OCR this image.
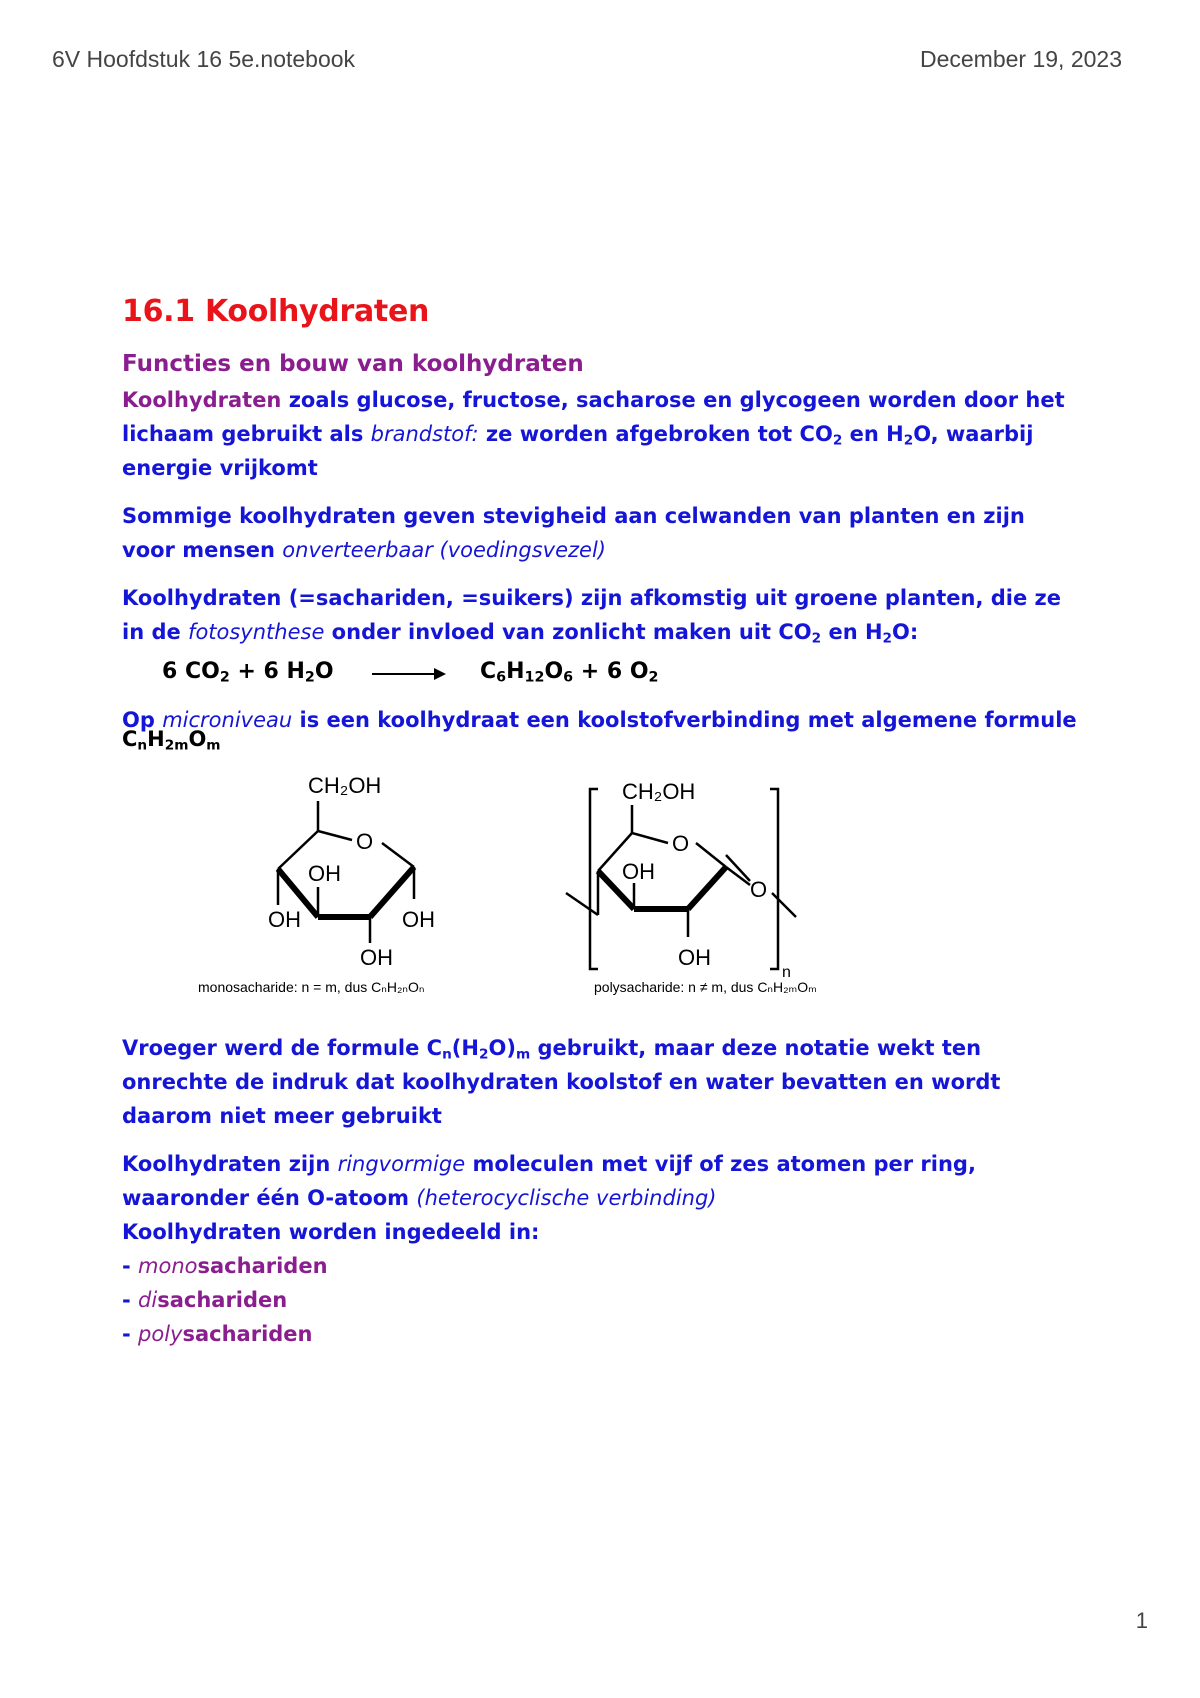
6V Hoofdstuk 16 5e.notebook	December 19, 2023
16.1 Koolhydraten
Functies en bouw van koolhydraten
Koolhydraten zoals glucose, fructose, sacharose en glycogeen worden door het lichaam gebruikt als brandstof: ze worden afgebroken tot $CO_2$ en $H_2O$, waarbij energie vrijkomt
Sommige koolhydraten geven stevigheid aan celwanden van planten en zijn voor mensen onverteerbaar (voedingsvezel)
Koolhydraten (=sachariden, =suikers) zijn afkomstig uit groene planten, die ze in de fotosynthese onder invloed van zonlicht maken uit $CO_2$ en $H_2O$:
6 $CO_2 + 6$ $H_2O$	$C_6H_{12}O_6 + 6$ $O_2$
Op microniveau is een koolhydraat een koolstofverbinding met algemene formule
$C_nH_{2m}O_m$
CH₂OH
O
OH
OH	OH
OH
CH₂OH
O
O
OH
OH
n
monosacharide: n = m, dus CₙH₂ₙOₙ	polysacharide: n ≠ m, dus CₙH₂ₘOₘ
Vroeger werd de formule $C_n(H_2O)_m$ gebruikt, maar deze notatie wekt ten onrechte de indruk dat koolhydraten koolstof en water bevatten en wordt daarom niet meer gebruikt
Koolhydraten zijn ringvormige moleculen met vijf of zes atomen per ring, waaronder één O-atoom (heterocyclische verbinding)
Koolhydraten worden ingedeeld in:
- monosachariden
- disachariden
- polysachariden
1
